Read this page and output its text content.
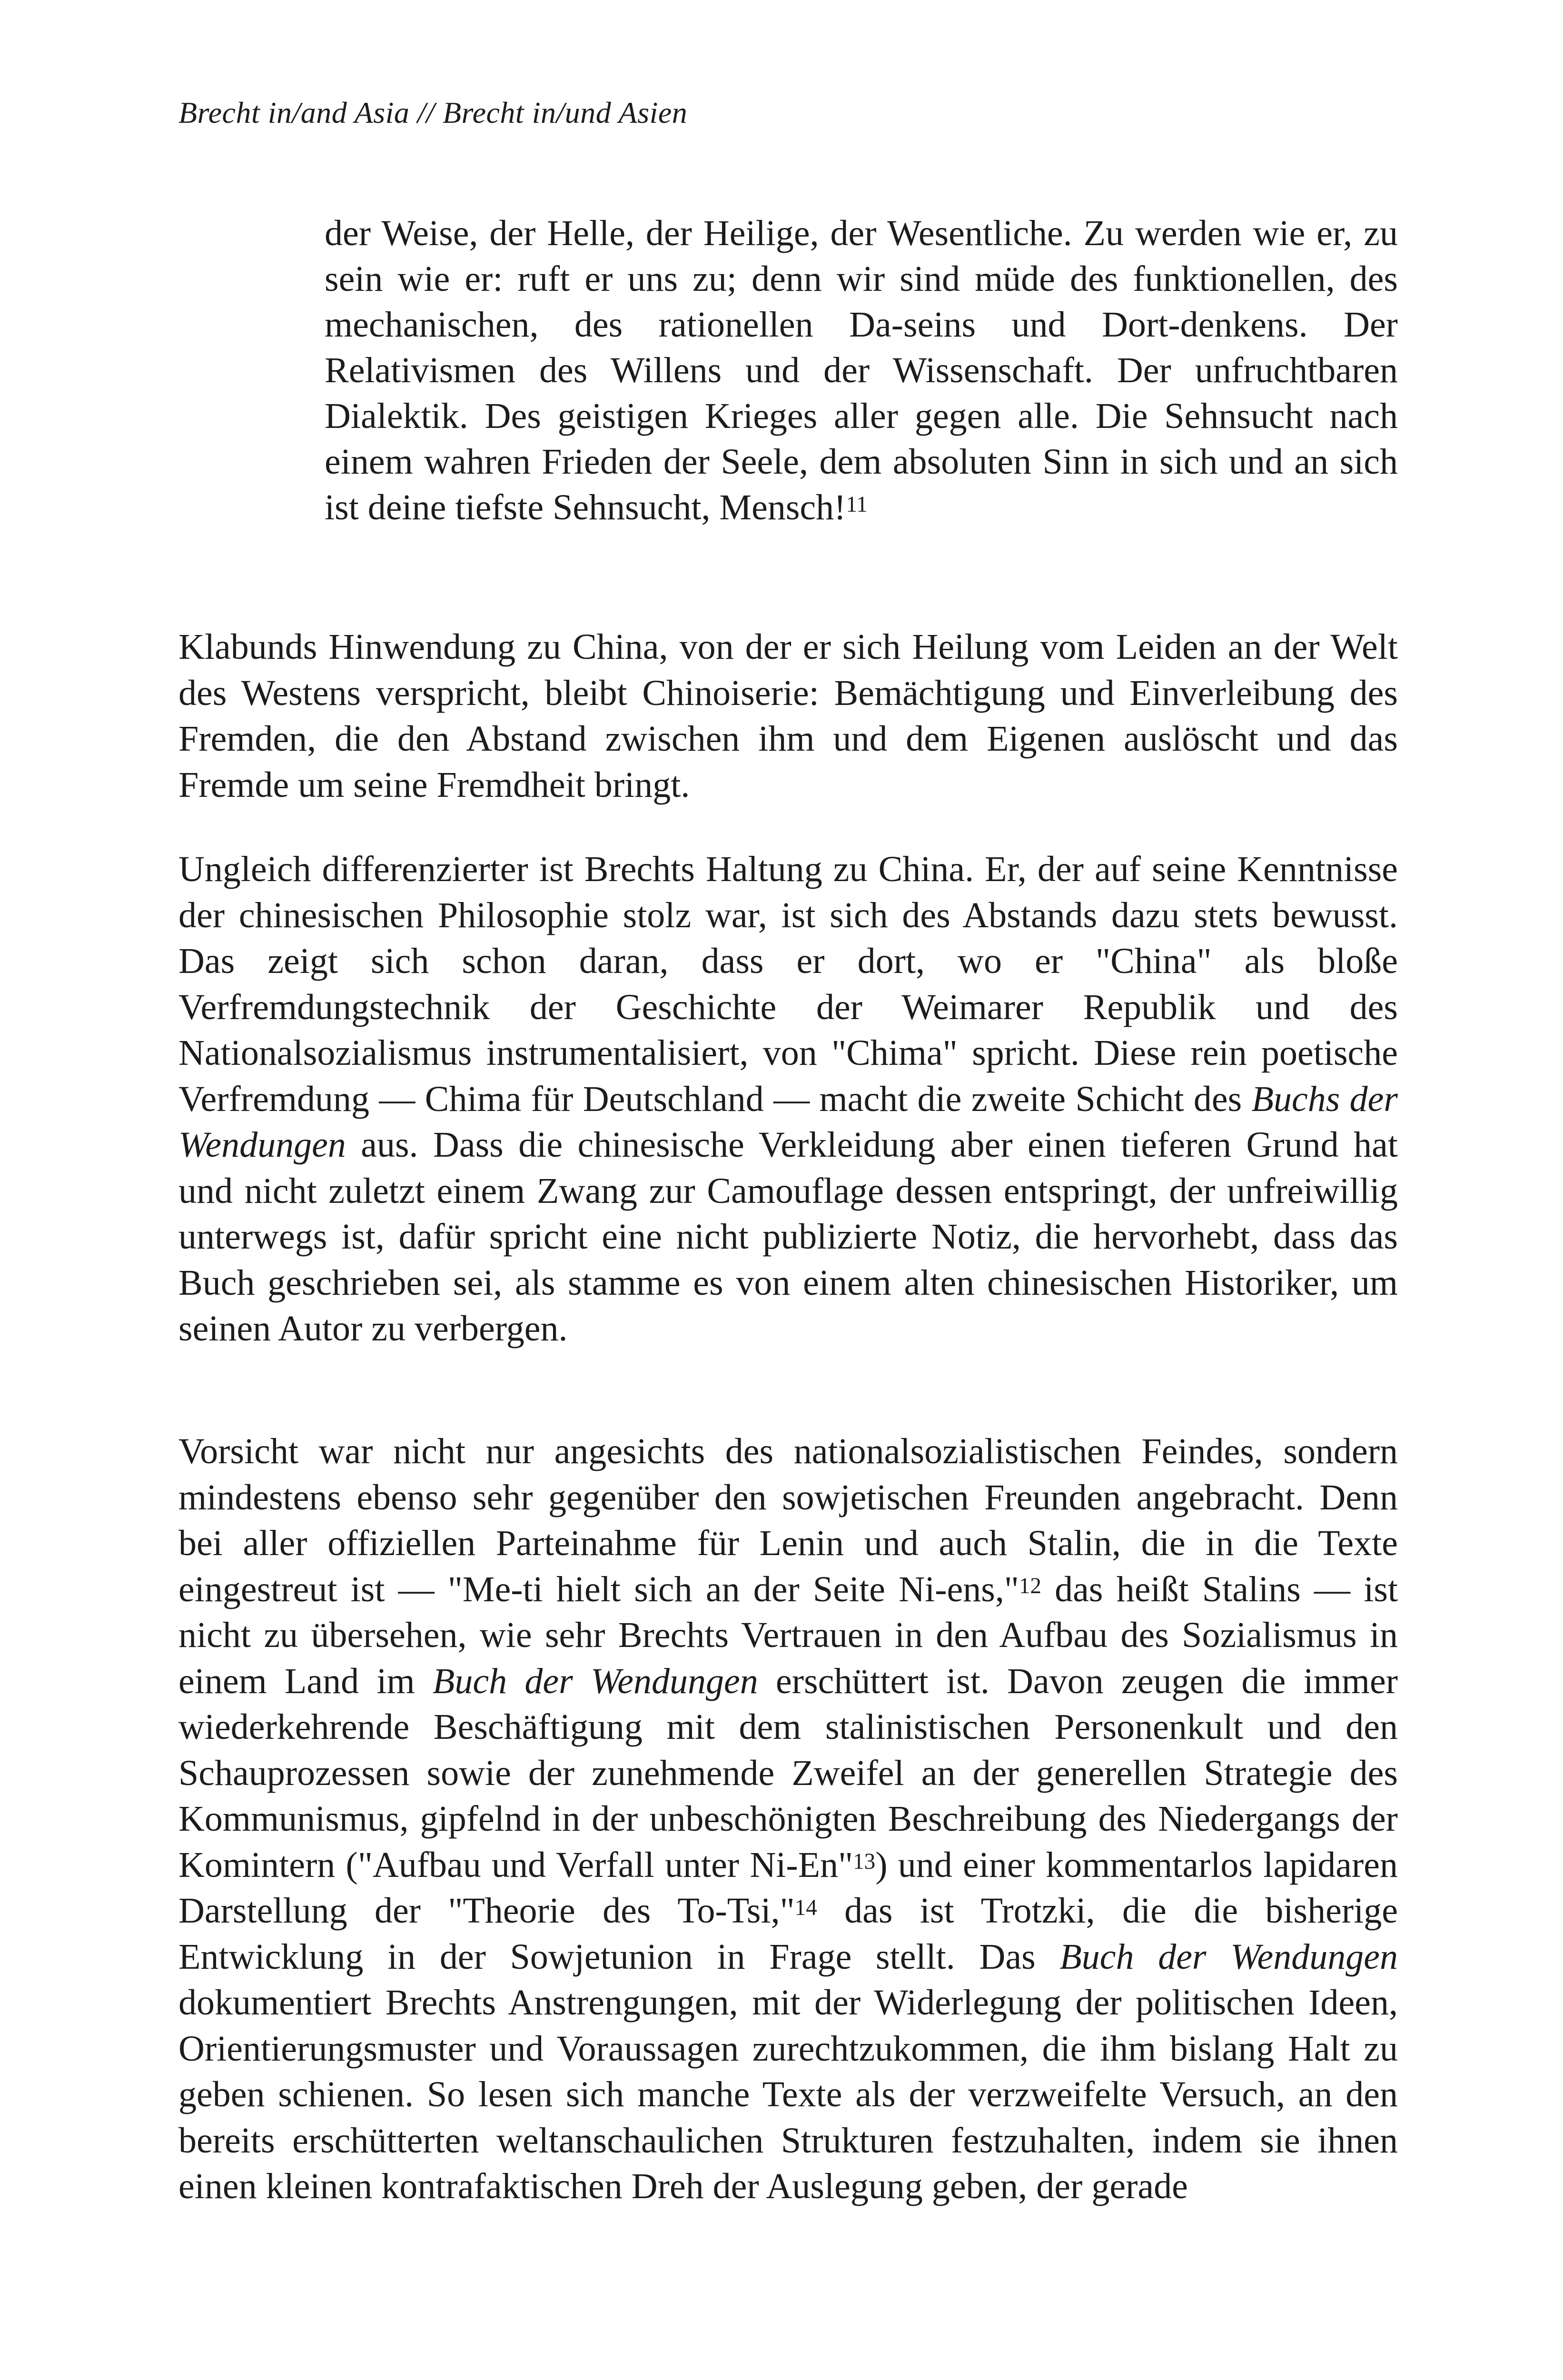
Brecht in/and Asia // Brecht in/und Asien
der Weise, der Helle, der Heilige, der Wesentliche. Zu werden wie er, zu sein wie er: ruft er uns zu; denn wir sind müde des funktionellen, des mechanischen, des rationellen Da-seins und Dort-denkens. Der Relativismen des Willens und der Wissenschaft. Der unfruchtbaren Dialektik. Des geistigen Krieges aller gegen alle. Die Sehnsucht nach einem wahren Frieden der Seele, dem absoluten Sinn in sich und an sich ist deine tiefste Sehnsucht, Mensch!$^{11}$
Klabunds Hinwendung zu China, von der er sich Heilung vom Leiden an der Welt des Westens verspricht, bleibt Chinoiserie: Bemächtigung und Einverleibung des Fremden, die den Abstand zwischen ihm und dem Eigenen auslöscht und das Fremde um seine Fremdheit bringt.
Ungleich differenzierter ist Brechts Haltung zu China. Er, der auf seine Kenntnisse der chinesischen Philosophie stolz war, ist sich des Abstands dazu stets bewusst. Das zeigt sich schon daran, dass er dort, wo er "China" als bloße Verfremdungstechnik der Geschichte der Weimarer Republik und des Nationalsozialismus instrumentalisiert, von "Chima" spricht. Diese rein poetische Verfremdung — Chima für Deutschland — macht die zweite Schicht des Buchs der Wendungen aus. Dass die chinesische Verkleidung aber einen tieferen Grund hat und nicht zuletzt einem Zwang zur Camouflage dessen entspringt, der unfreiwillig unterwegs ist, dafür spricht eine nicht publizierte Notiz, die hervorhebt, dass das Buch geschrieben sei, als stamme es von einem alten chinesischen Historiker, um seinen Autor zu verbergen.
Vorsicht war nicht nur angesichts des nationalsozialistischen Feindes, sondern mindestens ebenso sehr gegenüber den sowjetischen Freunden angebracht. Denn bei aller offiziellen Parteinahme für Lenin und auch Stalin, die in die Texte eingestreut ist — "Me-ti hielt sich an der Seite Ni-ens,"$^{12}$ das heißt Stalins — ist nicht zu übersehen, wie sehr Brechts Vertrauen in den Aufbau des Sozialismus in einem Land im Buch der Wendungen erschüttert ist. Davon zeugen die immer wiederkehrende Beschäftigung mit dem stalinistischen Personenkult und den Schauprozessen sowie der zunehmende Zweifel an der generellen Strategie des Kommunismus, gipfelnd in der unbeschönigten Beschreibung des Niedergangs der Komintern ("Aufbau und Verfall unter Ni-En"$^{13}$) und einer kommentarlos lapidaren Darstellung der "Theorie des To-Tsi,"$^{14}$ das ist Trotzki, die die bisherige Entwicklung in der Sowjetunion in Frage stellt. Das Buch der Wendungen dokumentiert Brechts Anstrengungen, mit der Widerlegung der politischen Ideen, Orientierungsmuster und Voraussagen zurechtzukommen, die ihm bislang Halt zu geben schienen. So lesen sich manche Texte als der verzweifelte Versuch, an den bereits erschütterten weltanschaulichen Strukturen festzuhalten, indem sie ihnen einen kleinen kontrafaktischen Dreh der Auslegung geben, der gerade
